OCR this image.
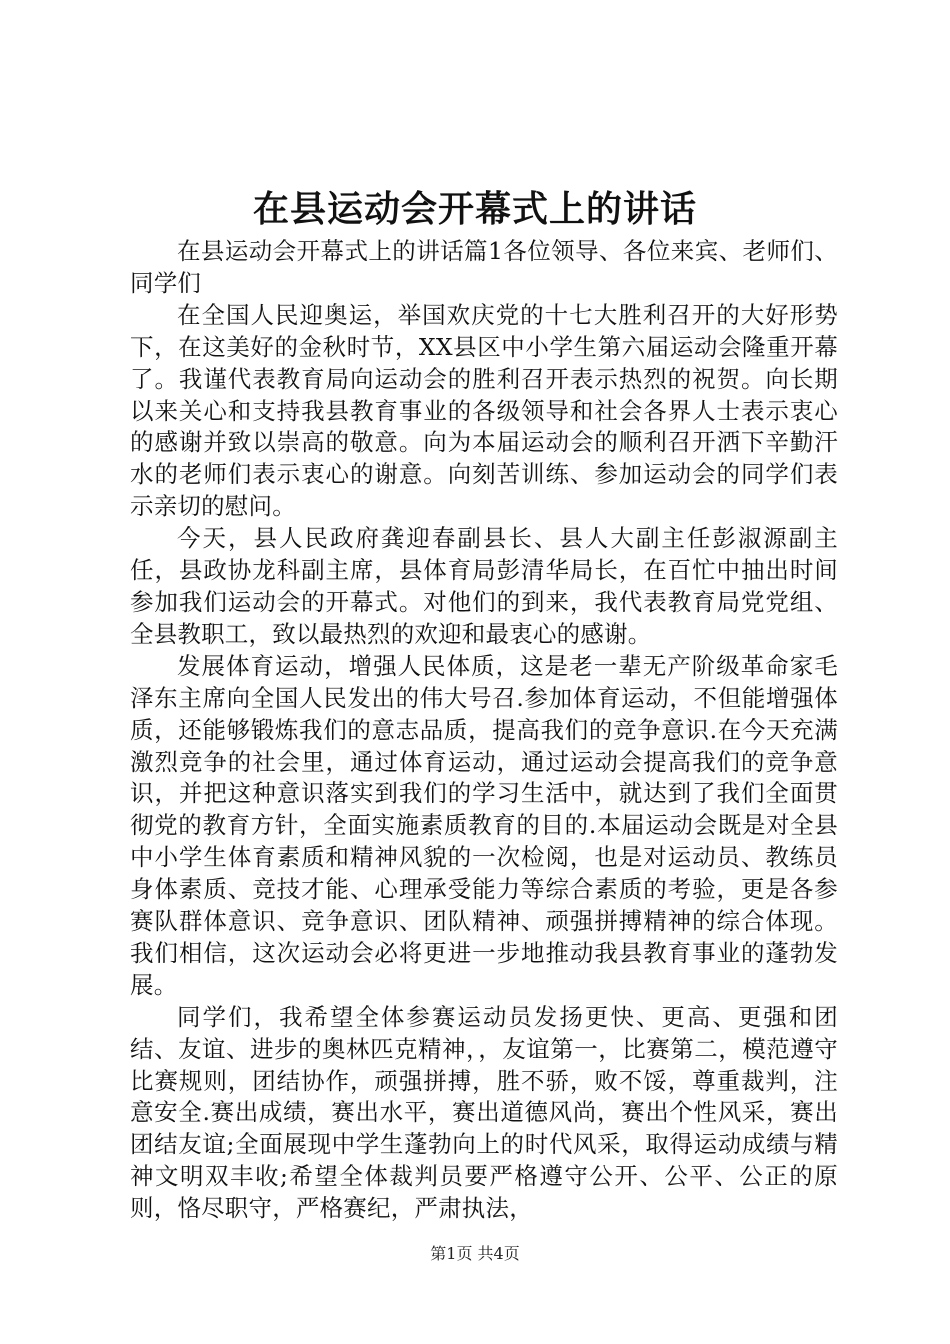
在县运动会开幕式上的讲话

在县运动会开幕式上的讲话篇1各位领导、各位来宾、老师们、同学们

在全国人民迎奥运，举国欢庆党的十七大胜利召开的大好形势下，在这美好的金秋时节，XX县区中小学生第六届运动会隆重开幕了。我谨代表教育局向运动会的胜利召开表示热烈的祝贺。向长期以来关心和支持我县教育事业的各级领导和社会各界人士表示衷心的感谢并致以崇高的敬意。向为本届运动会的顺利召开洒下辛勤汗水的老师们表示衷心的谢意。向刻苦训练、参加运动会的同学们表示亲切的慰问。

今天，县人民政府龚迎春副县长、县人大副主任彭淑源副主任，县政协龙科副主席，县体育局彭清华局长，在百忙中抽出时间参加我们运动会的开幕式。对他们的到来，我代表教育局党党组、全县教职工，致以最热烈的欢迎和最衷心的感谢。

发展体育运动，增强人民体质，这是老一辈无产阶级革命家毛泽东主席向全国人民发出的伟大号召.参加体育运动，不但能增强体质，还能够锻炼我们的意志品质，提高我们的竞争意识.在今天充满激烈竞争的社会里，通过体育运动，通过运动会提高我们的竞争意识，并把这种意识落实到我们的学习生活中，就达到了我们全面贯彻党的教育方针，全面实施素质教育的目的.本届运动会既是对全县中小学生体育素质和精神风貌的一次检阅，也是对运动员、教练员身体素质、竞技才能、心理承受能力等综合素质的考验，更是各参赛队群体意识、竞争意识、团队精神、顽强拼搏精神的综合体现。我们相信，这次运动会必将更进一步地推动我县教育事业的蓬勃发展。

同学们，我希望全体参赛运动员发扬更快、更高、更强和团结、友谊、进步的奥林匹克精神，，友谊第一，比赛第二，模范遵守比赛规则，团结协作，顽强拼搏，胜不骄，败不馁，尊重裁判，注意安全.赛出成绩，赛出水平，赛出道德风尚，赛出个性风采，赛出团结友谊;全面展现中学生蓬勃向上的时代风采，取得运动成绩与精神文明双丰收;希望全体裁判员要严格遵守公开、公平、公正的原则，恪尽职守，严格赛纪，严肃执法，

第1页 共4页
